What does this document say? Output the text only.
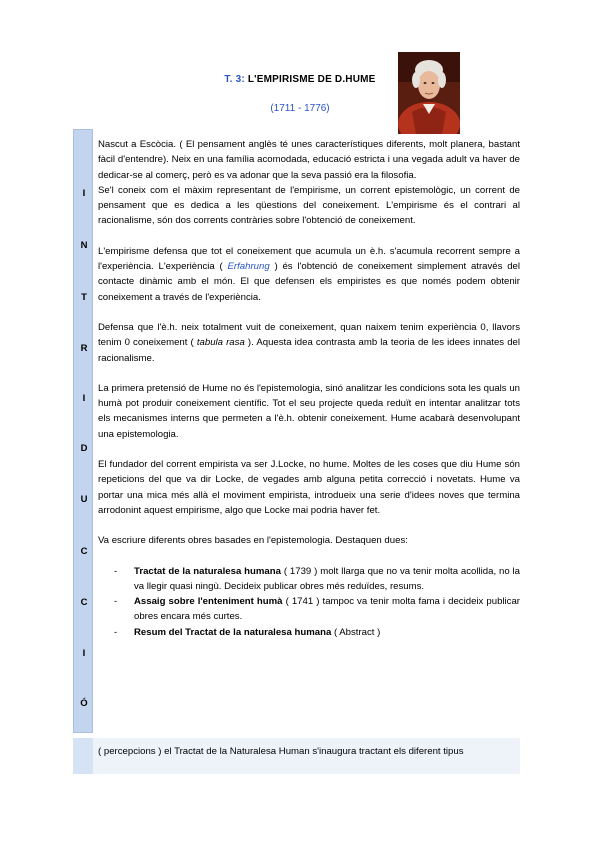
T. 3: L'EMPIRISME DE D.HUME
(1711 - 1776)
I
N
T
R
I
D
U
C
C
I
Ó

Nascut a Escòcia. ( El pensament anglès té unes característiques diferents, molt planera, bastant fàcil d'entendre). Neix en una família acomodada, educació estricta i una vegada adult va haver de dedicar-se al comerç, però es va adonar que la seva passió era la filosofia.

Se'l coneix com el màxim representant de l'empirisme, un corrent epistemològic, un corrent de pensament que es dedica a les qüestions del coneixement. L'empirisme és el contrari al racionalisme, són dos corrents contràries sobre l'obtenció de coneixement.

L'empirisme defensa que tot el coneixement que acumula un è.h. s'acumula recorrent sempre a l'experiència. L'experiència ( Erfahrung ) és l'obtenció de coneixement simplement através del contacte dinàmic amb el món. El que defensen els empiristes es que només podem obtenir coneixement a través de l'experiència.

Defensa que l'è.h. neix totalment vuit de coneixement, quan naixem tenim experiència 0, llavors tenim 0 coneixement ( tabula rasa ). Aquesta idea contrasta amb la teoria de les idees innates del racionalisme.

La primera pretensió de Hume no és l'epistemologia, sinó analitzar les condicions sota les quals un humà pot produir coneixement científic. Tot el seu projecte queda reduït en intentar analitzar tots els mecanismes interns que permeten a l'è.h. obtenir coneixement. Hume acabarà desenvolupant una epistemologia.

El fundador del corrent empirista va ser J.Locke, no hume. Moltes de les coses que diu Hume són repeticions del que va dir Locke, de vegades amb alguna petita correcció i novetats. Hume va portar una mica més allà el moviment empirista, introdueix una serie d'idees noves que termina arrodonint aquest empirisme, algo que Locke mai podria haver fet.

Va escriure diferents obres basades en l'epistemologia. Destaquen dues:

- Tractat de la naturalesa humana ( 1739 ) molt llarga que no va tenir molta acollida, no la va llegir quasi ningù. Decideix publicar obres més reduïdes, resums.
- Assaig sobre l'enteniment humà ( 1741 ) tampoc va tenir molta fama i decideix publicar obres encara més curtes.
- Resum del Tractat de la naturalesa humana ( Abstract )
( percepcions ) el Tractat de la Naturalesa Human s'inaugura tractant els diferent tipus
